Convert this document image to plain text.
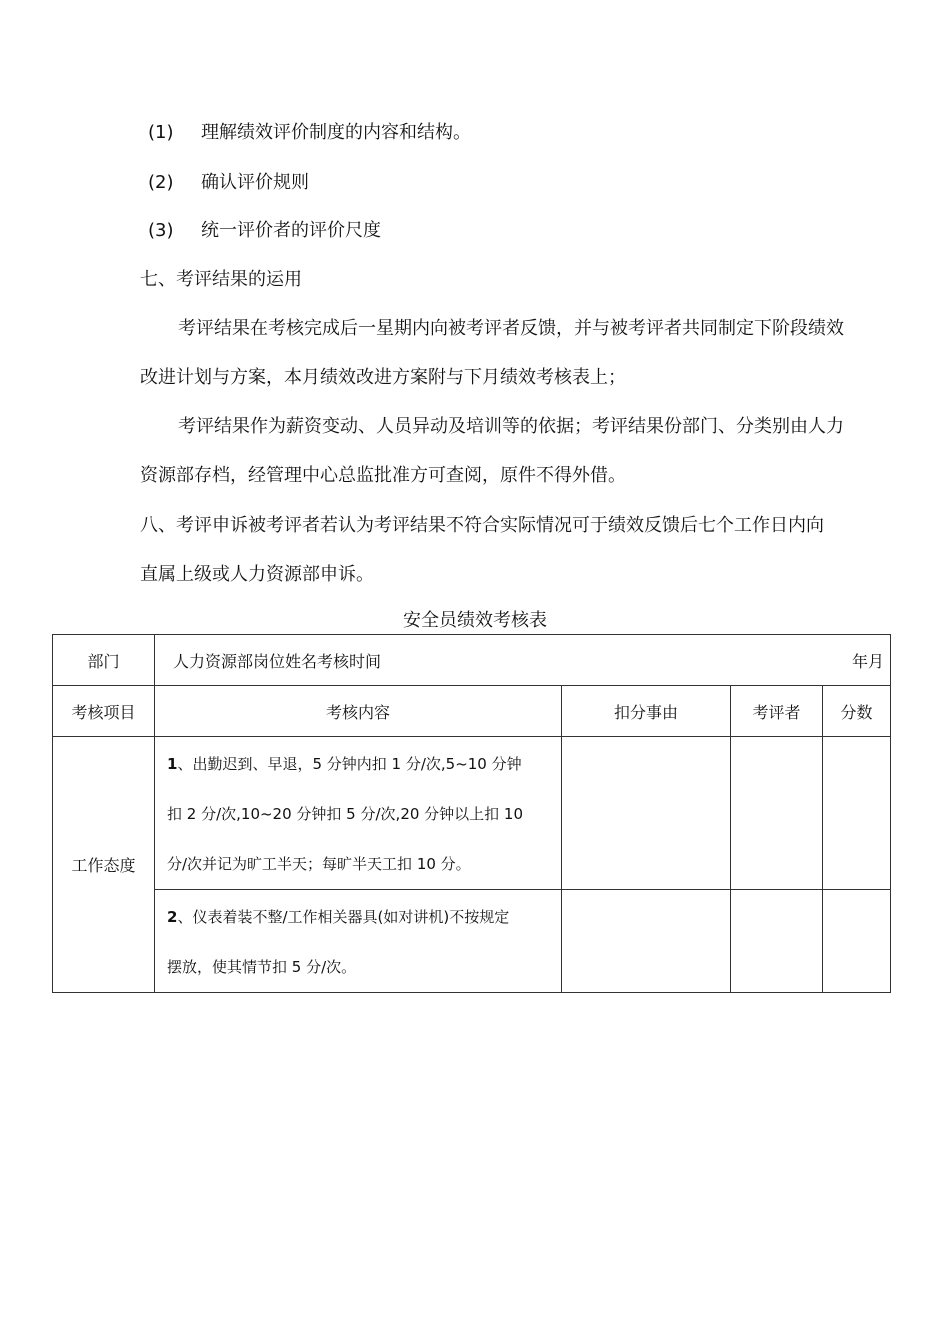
(1) 理解绩效评价制度的内容和结构。
(2) 确认评价规则
(3) 统一评价者的评价尺度
七、考评结果的运用
考评结果在考核完成后一星期内向被考评者反馈，并与被考评者共同制定下阶段绩效
改进计划与方案，本月绩效改进方案附与下月绩效考核表上；
考评结果作为薪资变动、人员异动及培训等的依据；考评结果份部门、分类别由人力
资源部存档，经管理中心总监批准方可查阅，原件不得外借。
八、考评申诉被考评者若认为考评结果不符合实际情况可于绩效反馈后七个工作日内向
直属上级或人力资源部申诉。
安全员绩效考核表
部门	人力资源部岗位姓名考核时间 年月			

考核项目	考核内容	扣分事由	考评者	分数
工作态度	1、出勤迟到、早退，5 分钟内扣 1 分/次,5~10 分钟
扣 2 分/次,10~20 分钟扣 5 分/次,20 分钟以上扣 10
分/次并记为旷工半天；每旷半天工扣 10 分。			

	2、仪表着装不整/工作相关器具(如对讲机)不按规定
摆放，使其情节扣 5 分/次。			
